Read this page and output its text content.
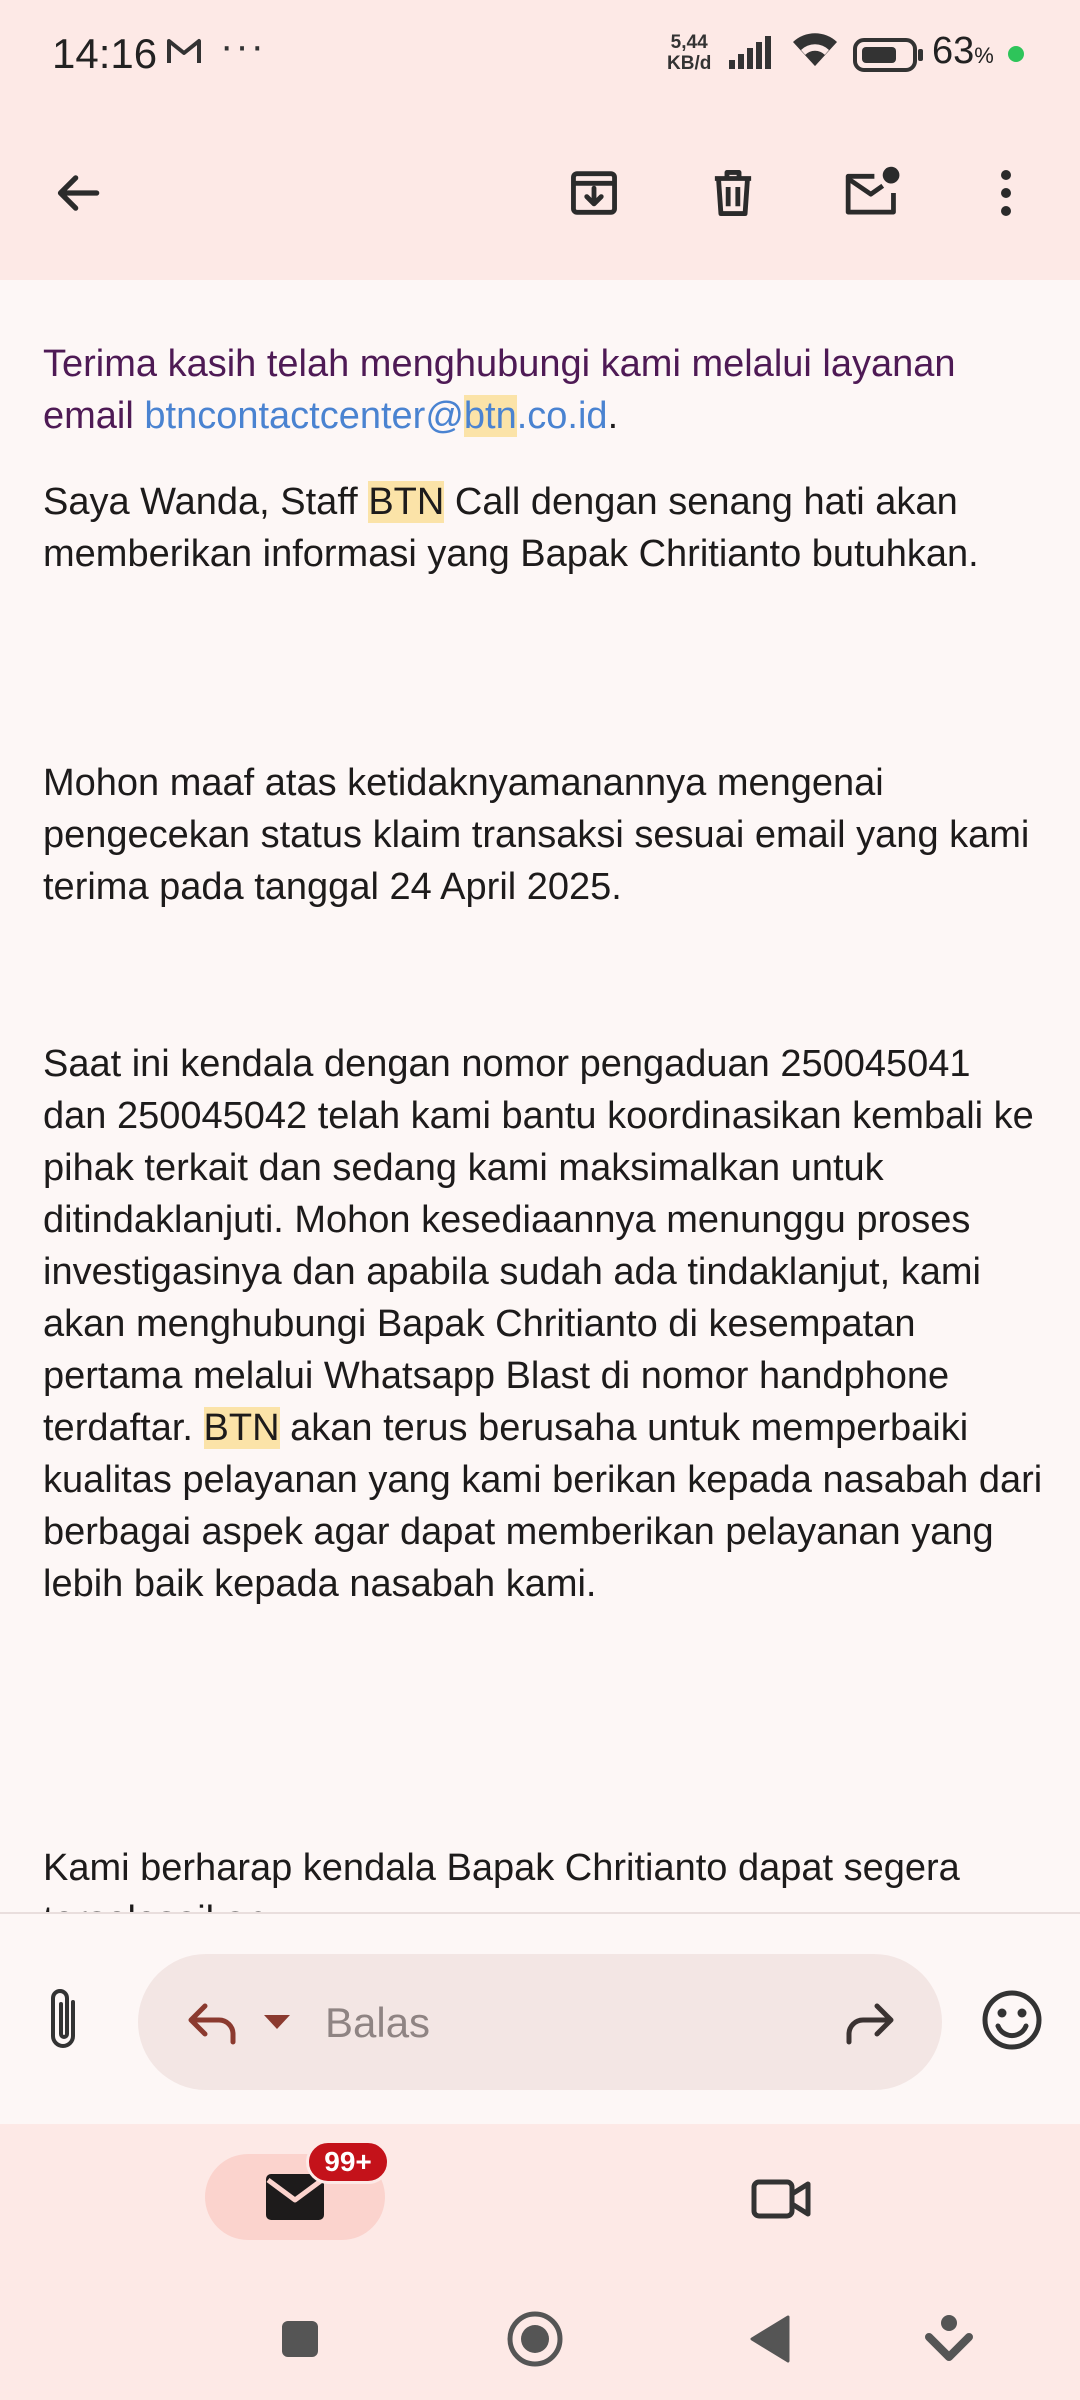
14:16 ···	5,44
KB/d	63%

Terima kasih telah menghubungi kami melalui layanan email btncontactcenter@btn.co.id.

Saya Wanda, Staff BTN Call dengan senang hati akan memberikan informasi yang Bapak Chritianto butuhkan.

Mohon maaf atas ketidaknyamanannya mengenai pengecekan status klaim transaksi sesuai email yang kami terima pada tanggal 24 April 2025.

Saat ini kendala dengan nomor pengaduan 250045041 dan 250045042 telah kami bantu koordinasikan kembali ke pihak terkait dan sedang kami maksimalkan untuk ditindaklanjuti. Mohon kesediaannya menunggu proses investigasinya dan apabila sudah ada tindaklanjut, kami akan menghubungi Bapak Chritianto di kesempatan pertama melalui Whatsapp Blast di nomor handphone terdaftar. BTN akan terus berusaha untuk memperbaiki kualitas pelayanan yang kami berikan kepada nasabah dari berbagai aspek agar dapat memberikan pelayanan yang lebih baik kepada nasabah kami.

Kami berharap kendala Bapak Chritianto dapat segera

Balas
99+
